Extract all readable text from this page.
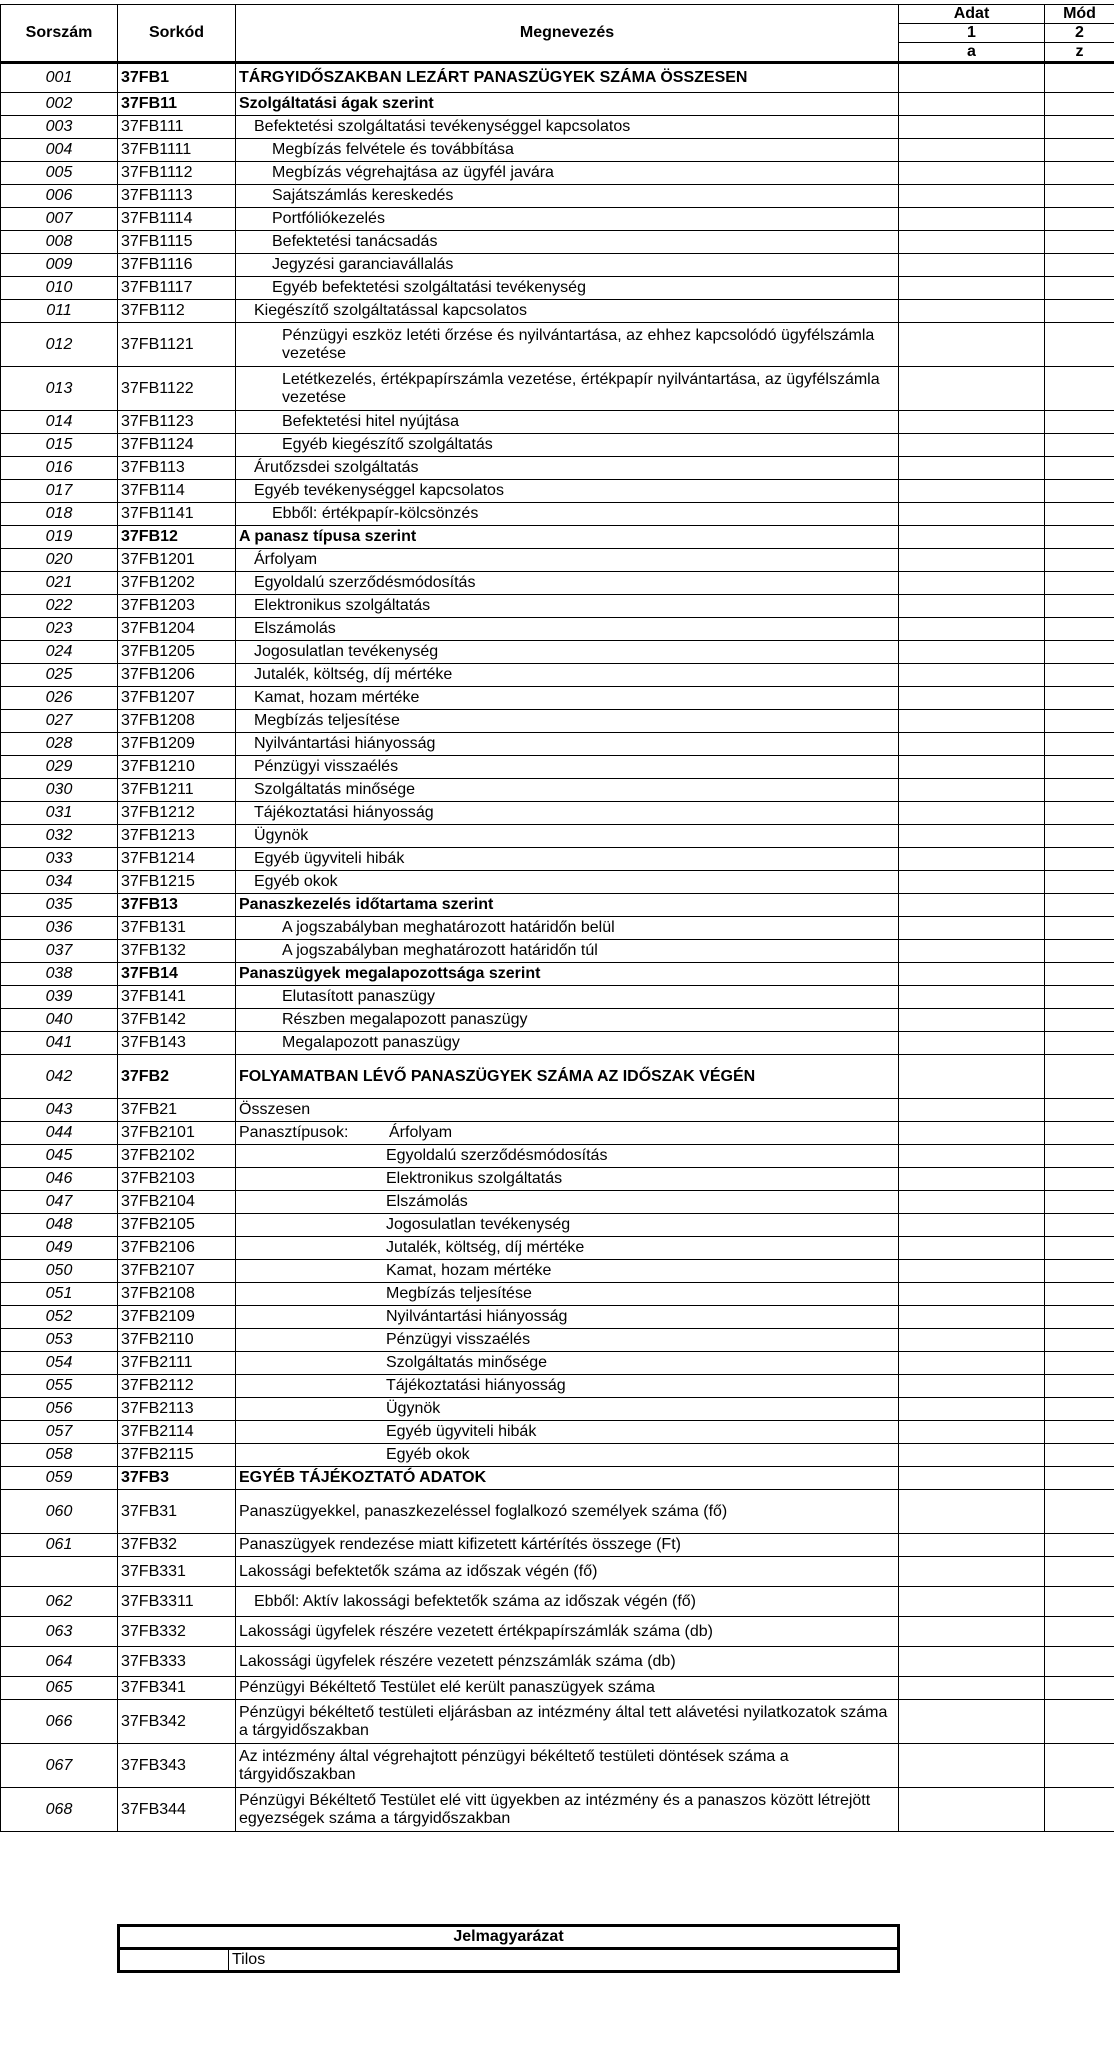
Sorszám	Sorkód	Megnevezés	Adat	Mód
			1	2
			a	z
001	37FB1	TÁRGYIDŐSZAKBAN LEZÁRT PANASZÜGYEK SZÁMA ÖSSZESEN		
002	37FB11	Szolgáltatási ágak szerint		
003	37FB111	Befektetési szolgáltatási tevékenységgel kapcsolatos		
004	37FB1111	Megbízás felvétele és továbbítása		
005	37FB1112	Megbízás végrehajtása az ügyfél javára		
006	37FB1113	Sajátszámlás kereskedés		
007	37FB1114	Portfóliókezelés		
008	37FB1115	Befektetési tanácsadás		
009	37FB1116	Jegyzési garanciavállalás		
010	37FB1117	Egyéb befektetési szolgáltatási tevékenység		
011	37FB112	Kiegészítő szolgáltatással kapcsolatos		
012	37FB1121	Pénzügyi eszköz letéti őrzése és nyilvántartása, az ehhez kapcsolódó ügyfélszámla vezetése		
013	37FB1122	Letétkezelés, értékpapírszámla vezetése, értékpapír nyilvántartása, az ügyfélszámla vezetése		
014	37FB1123	Befektetési hitel nyújtása		
015	37FB1124	Egyéb kiegészítő szolgáltatás		
016	37FB113	Árutőzsdei szolgáltatás		
017	37FB114	Egyéb tevékenységgel kapcsolatos		
018	37FB1141	Ebből: értékpapír-kölcsönzés		
019	37FB12	A panasz típusa szerint		
020	37FB1201	Árfolyam		
021	37FB1202	Egyoldalú szerződésmódosítás		
022	37FB1203	Elektronikus szolgáltatás		
023	37FB1204	Elszámolás		
024	37FB1205	Jogosulatlan tevékenység		
025	37FB1206	Jutalék, költség, díj mértéke		
026	37FB1207	Kamat, hozam mértéke		
027	37FB1208	Megbízás teljesítése		
028	37FB1209	Nyilvántartási hiányosság		
029	37FB1210	Pénzügyi visszaélés		
030	37FB1211	Szolgáltatás minősége		
031	37FB1212	Tájékoztatási hiányosság		
032	37FB1213	Ügynök		
033	37FB1214	Egyéb ügyviteli hibák		
034	37FB1215	Egyéb okok		
035	37FB13	Panaszkezelés időtartama szerint		
036	37FB131	A jogszabályban meghatározott határidőn belül		
037	37FB132	A jogszabályban meghatározott határidőn túl		
038	37FB14	Panaszügyek megalapozottsága szerint		
039	37FB141	Elutasított panaszügy		
040	37FB142	Részben megalapozott panaszügy		
041	37FB143	Megalapozott panaszügy		
042	37FB2	FOLYAMATBAN LÉVŐ PANASZÜGYEK SZÁMA AZ IDŐSZAK VÉGÉN		
043	37FB21	Összesen		
044	37FB2101	Panasztípusok: Árfolyam		

045	37FB2102	Egyoldalú szerződésmódosítás		
046	37FB2103	Elektronikus szolgáltatás		
047	37FB2104	Elszámolás		
048	37FB2105	Jogosulatlan tevékenység		
049	37FB2106	Jutalék, költség, díj mértéke		
050	37FB2107	Kamat, hozam mértéke		
051	37FB2108	Megbízás teljesítése		
052	37FB2109	Nyilvántartási hiányosság		
053	37FB2110	Pénzügyi visszaélés		
054	37FB2111	Szolgáltatás minősége		
055	37FB2112	Tájékoztatási hiányosság		
056	37FB2113	Ügynök		
057	37FB2114	Egyéb ügyviteli hibák		
058	37FB2115	Egyéb okok		
059	37FB3	EGYÉB TÁJÉKOZTATÓ ADATOK		
060	37FB31	Panaszügyekkel, panaszkezeléssel foglalkozó személyek száma (fő)		
061	37FB32	Panaszügyek rendezése miatt kifizetett kártérítés összege (Ft)		
	37FB331	Lakossági befektetők száma az időszak végén (fő)		
062	37FB3311	Ebből: Aktív lakossági befektetők száma az időszak végén (fő)		
063	37FB332	Lakossági ügyfelek részére vezetett értékpapírszámlák száma (db)		
064	37FB333	Lakossági ügyfelek részére vezetett pénzszámlák száma (db)		
065	37FB341	Pénzügyi Békéltető Testület elé került panaszügyek száma		
066	37FB342	Pénzügyi békéltető testületi eljárásban az intézmény által tett alávetési nyilatkozatok száma a tárgyidőszakban		
067	37FB343	Az intézmény által végrehajtott pénzügyi békéltető testületi döntések száma a tárgyidőszakban		
068	37FB344	Pénzügyi Békéltető Testület elé vitt ügyekben az intézmény és a panaszos között létrejött egyezségek száma a tárgyidőszakban		
Jelmagyarázat
	Tilos
